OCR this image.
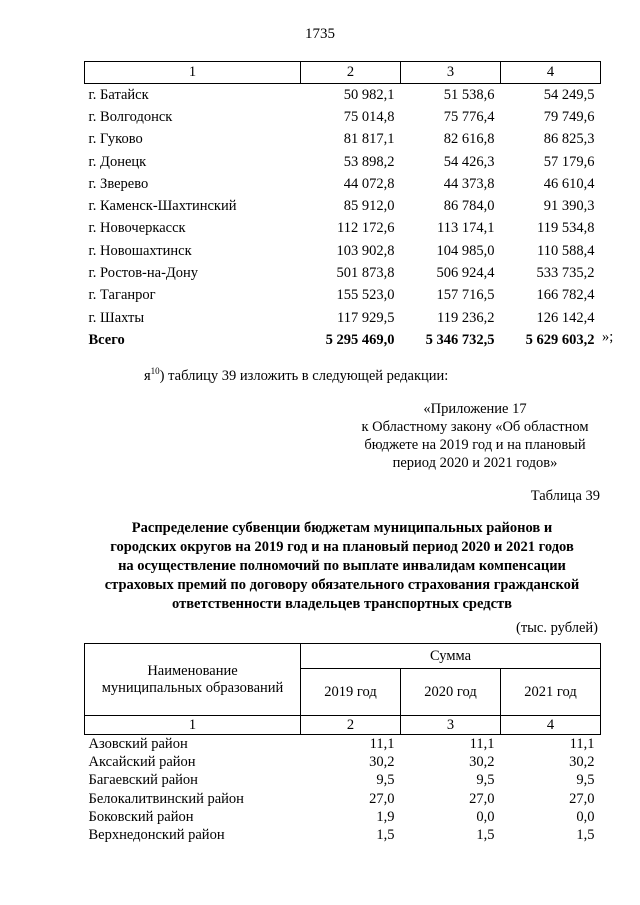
1735
1	2	3	4
г. Батайск	50 982,1	51 538,6	54 249,5
г. Волгодонск	75 014,8	75 776,4	79 749,6
г. Гуково	81 817,1	82 616,8	86 825,3
г. Донецк	53 898,2	54 426,3	57 179,6
г. Зверево	44 072,8	44 373,8	46 610,4
г. Каменск-Шахтинский	85 912,0	86 784,0	91 390,3
г. Новочеркасск	112 172,6	113 174,1	119 534,8
г. Новошахтинск	103 902,8	104 985,0	110 588,4
г. Ростов-на-Дону	501 873,8	506 924,4	533 735,2
г. Таганрог	155 523,0	157 716,5	166 782,4
г. Шахты	117 929,5	119 236,2	126 142,4
Всего	5 295 469,0	5 346 732,5	5 629 603,2 »;
$я^{10}$) таблицу 39 изложить в следующей редакции:
«Приложение 17
к Областному закону «Об областном
бюджете на 2019 год и на плановый
период 2020 и 2021 годов»
Таблица 39
Распределение субвенции бюджетам муниципальных районов и
городских округов на 2019 год и на плановый период 2020 и 2021 годов
на осуществление полномочий по выплате инвалидам компенсации
страховых премий по договору обязательного страхования гражданской
ответственности владельцев транспортных средств
(тыс. рублей)
Наименование
муниципальных образований	Сумма		
	2019 год	2020 год	2021 год
1	2	3	4
Азовский район	11,1	11,1	11,1
Аксайский район	30,2	30,2	30,2
Багаевский район	9,5	9,5	9,5
Белокалитвинский район	27,0	27,0	27,0
Боковский район	1,9	0,0	0,0
Верхнедонский район	1,5	1,5	1,5
